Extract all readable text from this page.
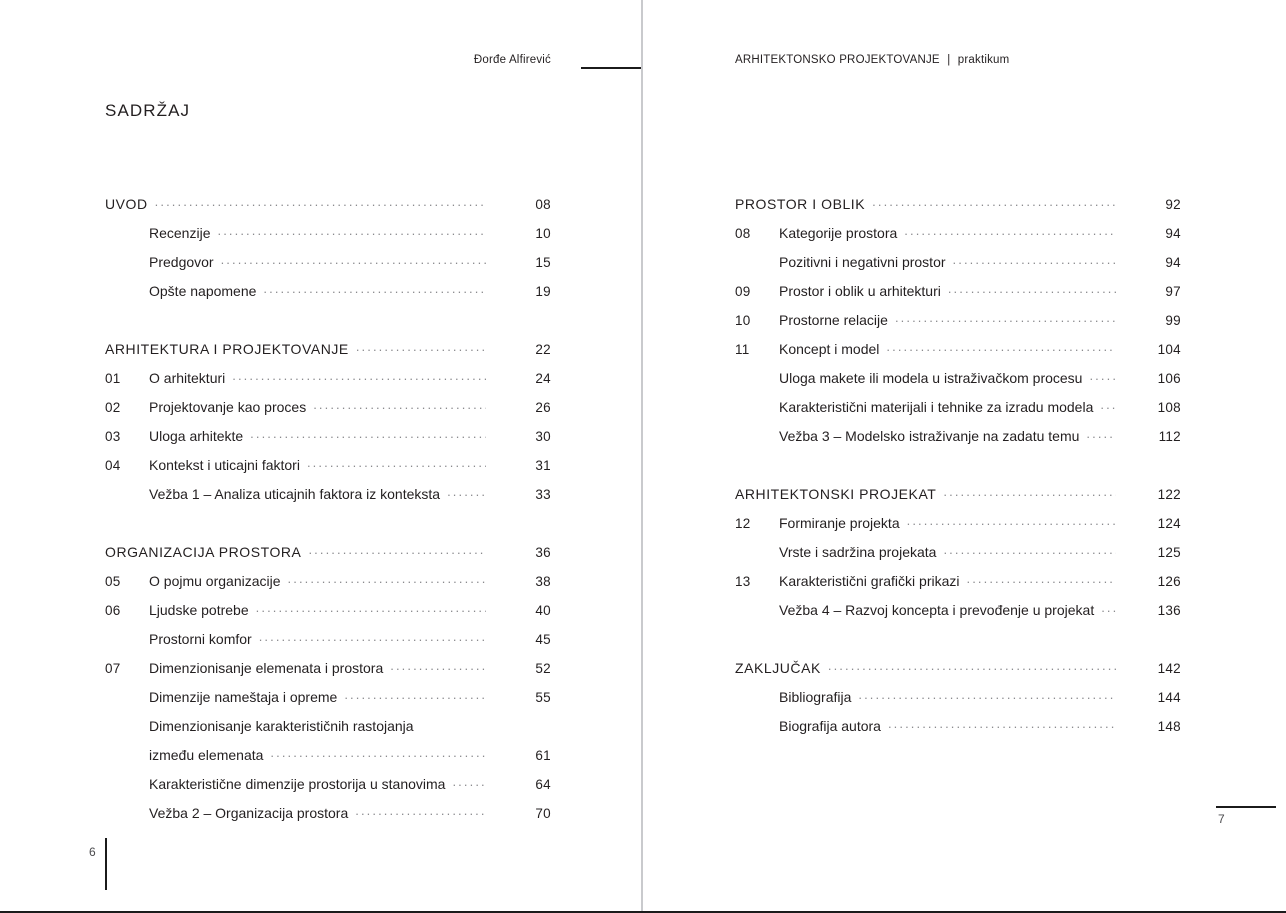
Đorđe Alfirević
SADRŽAJ
UVOD .....	08
Recenzije .....	10
Predgovor .....	15
Opšte napomene .....	19
ARHITEKTURA I PROJEKTOVANJE .....	22
01	O arhitekturi .....	24
02	Projektovanje kao proces .....	26
03	Uloga arhitekte .....	30
04	Kontekst i uticajni faktori .....	31
Vežba 1 – Analiza uticajnih faktora iz konteksta .....	33
ORGANIZACIJA PROSTORA .....	36
05	O pojmu organizacije .....	38
06	Ljudske potrebe .....	40
Prostorni komfor .....	45
07	Dimenzionisanje elemenata i prostora .....	52
Dimenzije nameštaja i opreme .....	55
Dimenzionisanje karakterističnih rastojanja
između elemenata .....	61
Karakteristične dimenzije prostorija u stanovima .....	64
Vežba 2 – Organizacija prostora .....	70
6
ARHITEKTONSKO PROJEKTOVANJE | praktikum
PROSTOR I OBLIK .....	92
08	Kategorije prostora .....	94
Pozitivni i negativni prostor .....	94
09	Prostor i oblik u arhitekturi .....	97
10	Prostorne relacije .....	99
11	Koncept i model .....	104
Uloga makete ili modela u istraživačkom procesu .....	106
Karakteristični materijali i tehnike za izradu modela .....	108
Vežba 3 – Modelsko istraživanje na zadatu temu .....	112
ARHITEKTONSKI PROJEKAT .....	122
12	Formiranje projekta .....	124
Vrste i sadržina projekata .....	125
13	Karakteristični grafički prikazi .....	126
Vežba 4 – Razvoj koncepta i prevođenje u projekat .....	136
ZAKLJUČAK .....	142
Bibliografija .....	144
Biografija autora .....	148
7
